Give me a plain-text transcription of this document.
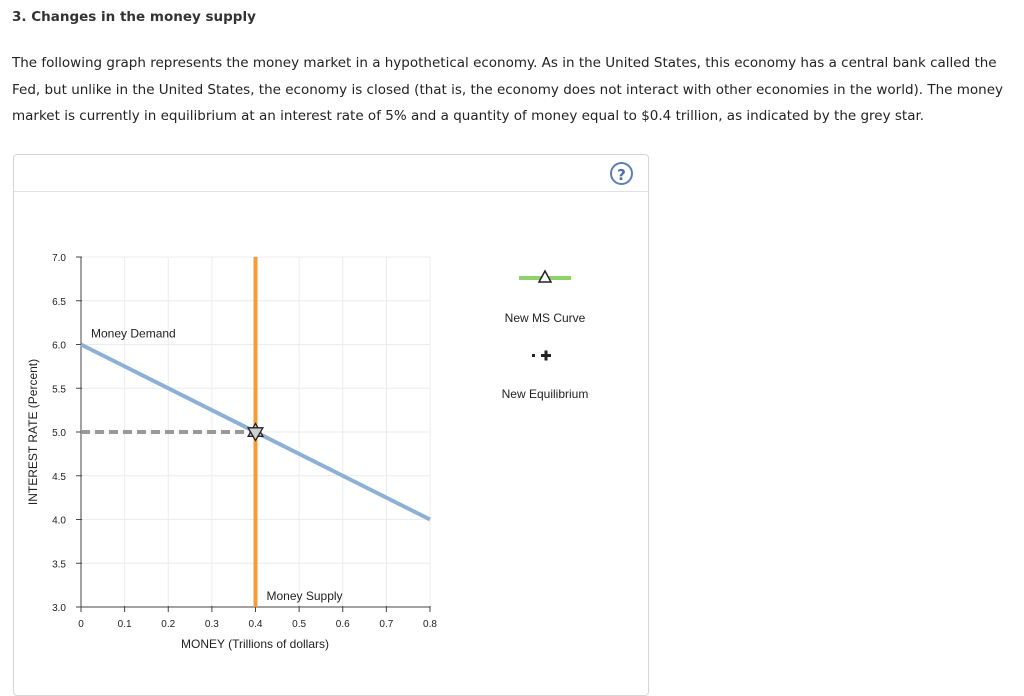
3. Changes in the money supply
The following graph represents the money market in a hypothetical economy. As in the United States, this economy has a central bank called the Fed, but unlike in the United States, the economy is closed (that is, the economy does not interact with other economies in the world). The money market is currently in equilibrium at an interest rate of 5% and a quantity of money equal to $0.4 trillion, as indicated by the grey star.
?
3.0
3.5
4.0
4.5
5.0
5.5
6.0
6.5
7.0
0	0.1	0.2	0.3	0.4	0.5	0.6	0.7	0.8
Money Demand
Money Supply
INTEREST RATE (Percent)
MONEY (Trillions of dollars)
New MS Curve
New Equilibrium
